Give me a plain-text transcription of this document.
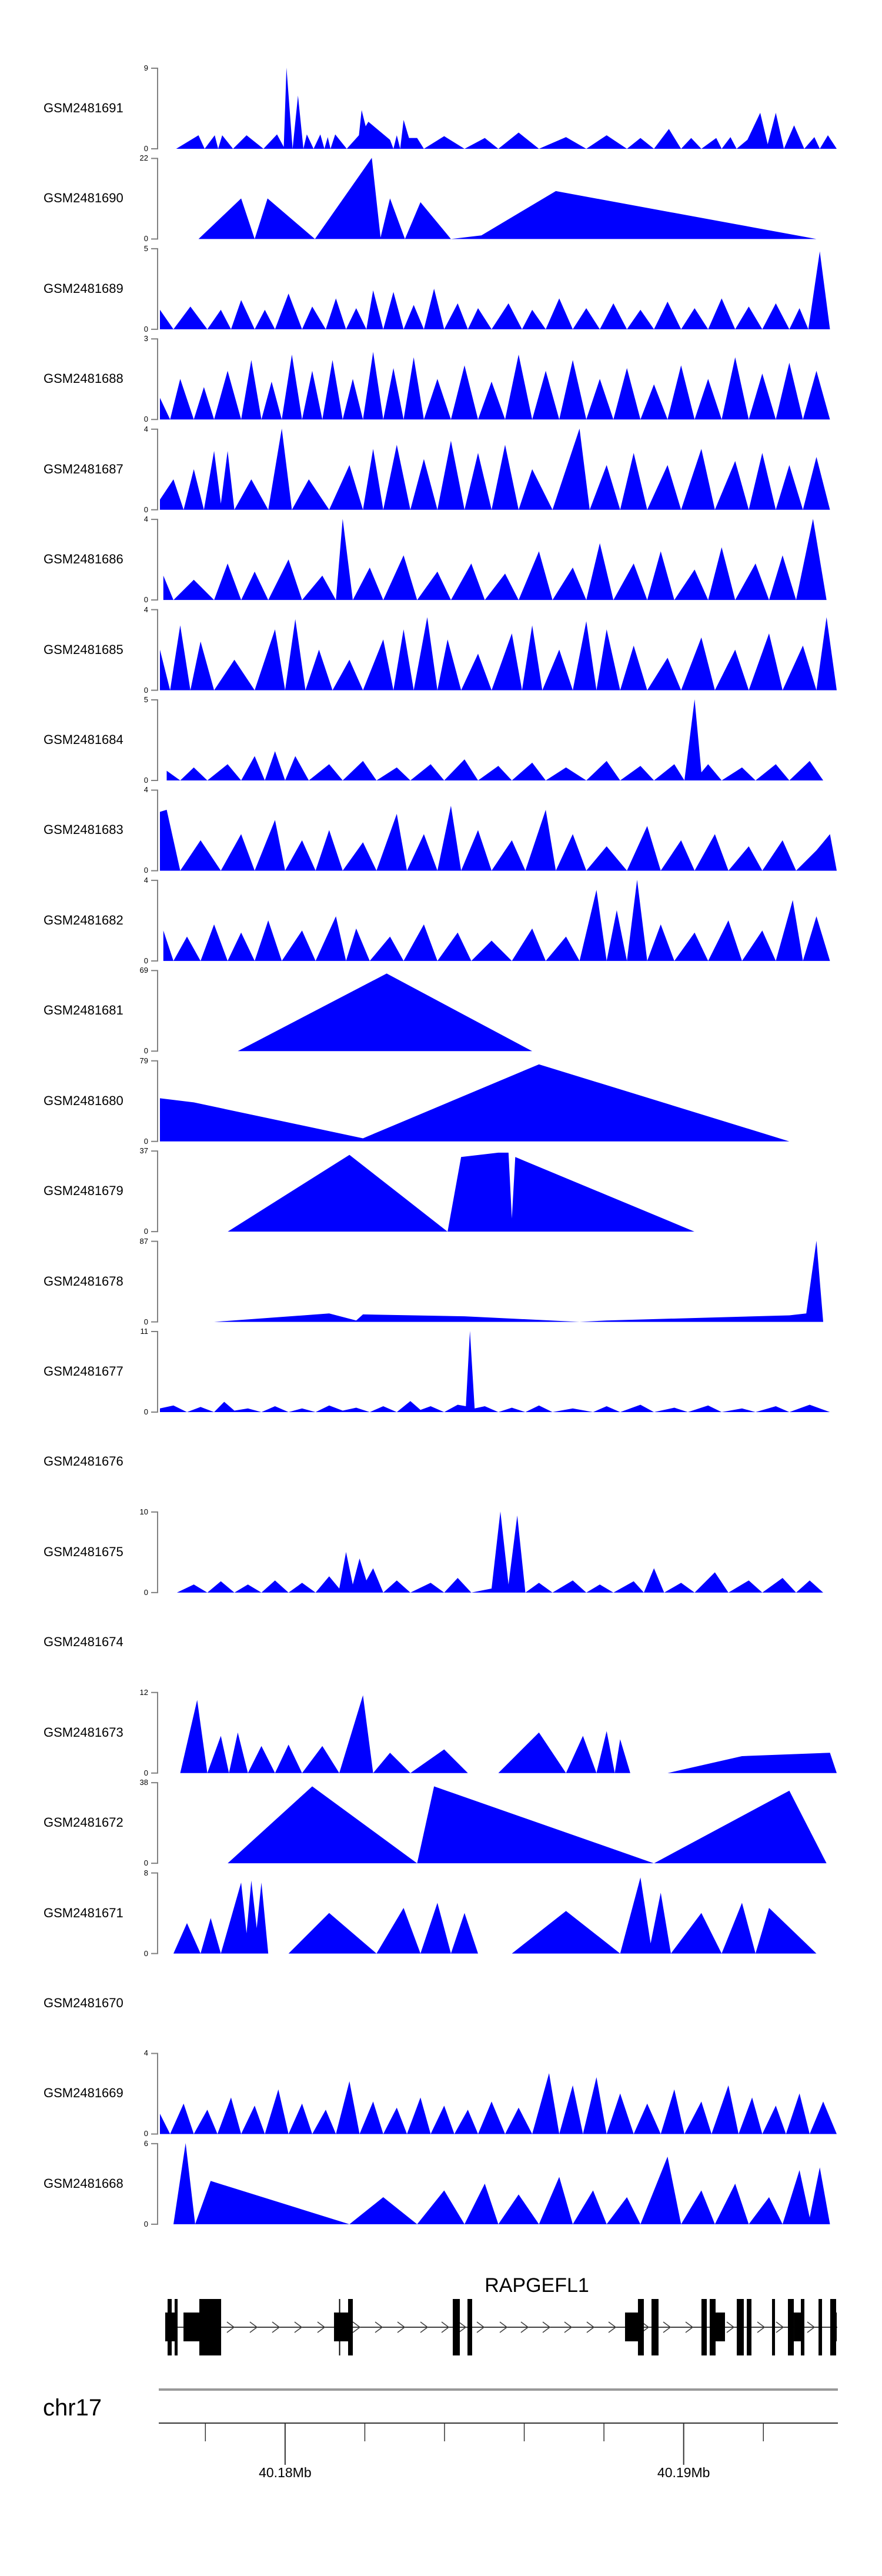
GSM2481691
9
0
GSM2481690
22
0
GSM2481689
5
0
GSM2481688
3
0
GSM2481687
4
0
GSM2481686
4
0
GSM2481685
4
0
GSM2481684
5
0
GSM2481683
4
0
GSM2481682
4
0
GSM2481681
69
0
GSM2481680
79
0
GSM2481679
37
0
GSM2481678
87
0
GSM2481677
11
0
GSM2481676
GSM2481675
10
0
GSM2481674
GSM2481673
12
0
GSM2481672
38
0
GSM2481671
8
0
GSM2481670
GSM2481669
4
0
GSM2481668
6
0
40.18Mb	40.19Mb
RAPGEFL1
chr17
